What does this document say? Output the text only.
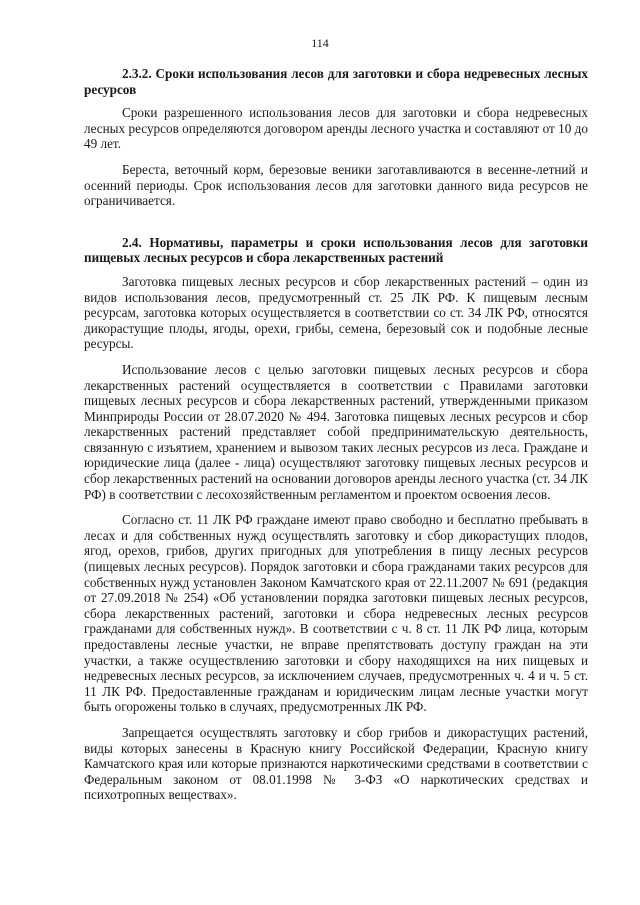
114

2.3.2. Сроки использования лесов для заготовки и сбора недревесных лесных ресурсов

Сроки разрешенного использования лесов для заготовки и сбора недревесных лесных ресурсов определяются договором аренды лесного участка и составляют от 10 до 49 лет.

Береста, веточный корм, березовые веники заготавливаются в весенне-летний и осенний периоды. Срок использования лесов для заготовки данного вида ресурсов не ограничивается.

2.4. Нормативы, параметры и сроки использования лесов для заготовки пищевых лесных ресурсов и сбора лекарственных растений

Заготовка пищевых лесных ресурсов и сбор лекарственных растений – один из видов использования лесов, предусмотренный ст. 25 ЛК РФ. К пищевым лесным ресурсам, заготовка которых осуществляется в соответствии со ст. 34 ЛК РФ, относятся дикорастущие плоды, ягоды, орехи, грибы, семена, березовый сок и подобные лесные ресурсы.

Использование лесов с целью заготовки пищевых лесных ресурсов и сбора лекарственных растений осуществляется в соответствии с Правилами заготовки пищевых лесных ресурсов и сбора лекарственных растений, утвержденными приказом Минприроды России от 28.07.2020 № 494. Заготовка пищевых лесных ресурсов и сбор лекарственных растений представляет собой предпринимательскую деятельность, связанную с изъятием, хранением и вывозом таких лесных ресурсов из леса. Граждане и юридические лица (далее - лица) осуществляют заготовку пищевых лесных ресурсов и сбор лекарственных растений на основании договоров аренды лесного участка (ст. 34 ЛК РФ) в соответствии с лесохозяйственным регламентом и проектом освоения лесов.

Согласно ст. 11 ЛК РФ граждане имеют право свободно и бесплатно пребывать в лесах и для собственных нужд осуществлять заготовку и сбор дикорастущих плодов, ягод, орехов, грибов, других пригодных для употребления в пищу лесных ресурсов (пищевых лесных ресурсов). Порядок заготовки и сбора гражданами таких ресурсов для собственных нужд установлен Законом Камчатского края от 22.11.2007 № 691 (редакция от 27.09.2018 № 254) «Об установлении порядка заготовки пищевых лесных ресурсов, сбора лекарственных растений, заготовки и сбора недревесных лесных ресурсов гражданами для собственных нужд». В соответствии с ч. 8 ст. 11 ЛК РФ лица, которым предоставлены лесные участки, не вправе препятствовать доступу граждан на эти участки, а также осуществлению заготовки и сбору находящихся на них пищевых и недревесных лесных ресурсов, за исключением случаев, предусмотренных ч. 4 и ч. 5 ст. 11 ЛК РФ. Предоставленные гражданам и юридическим лицам лесные участки могут быть огорожены только в случаях, предусмотренных ЛК РФ.

Запрещается осуществлять заготовку и сбор грибов и дикорастущих растений, виды которых занесены в Красную книгу Российской Федерации, Красную книгу Камчатского края или которые признаются наркотическими средствами в соответствии с Федеральным законом от 08.01.1998 № 3-ФЗ «О наркотических средствах и психотропных веществах».
